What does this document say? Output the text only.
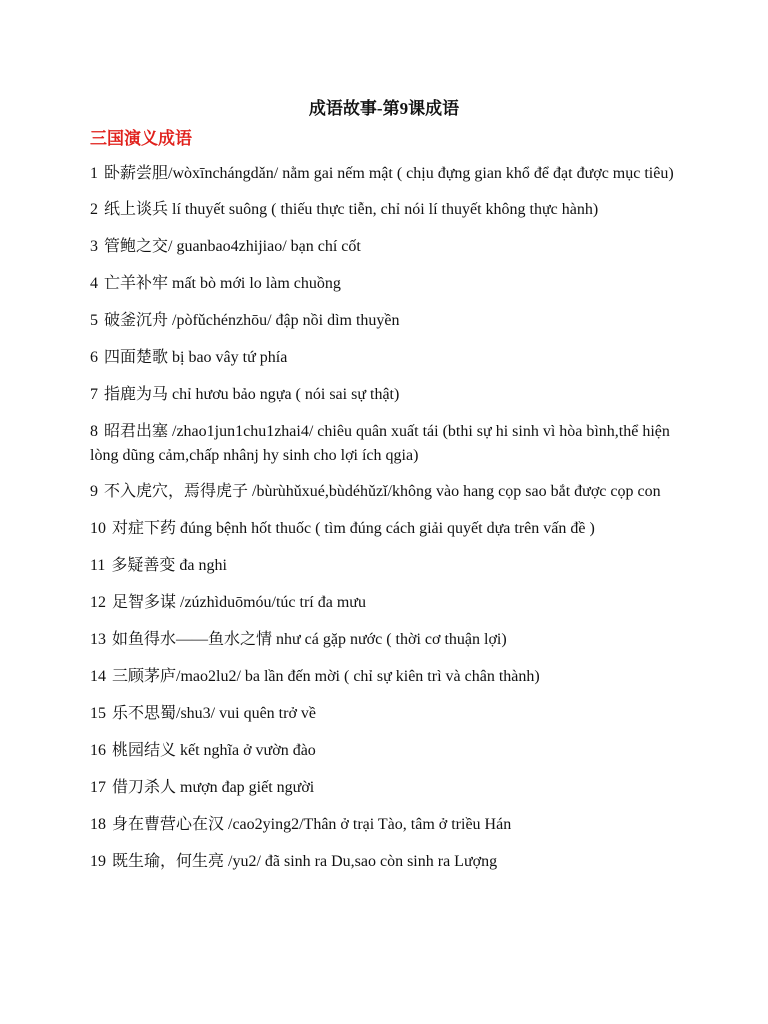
成语故事-第9课成语
三国演义成语
1 卧薪尝胆/wòxīnchángdǎn/ nằm gai nếm mật ( chịu đựng gian khổ để đạt được mục tiêu)
2 纸上谈兵 lí thuyết suông ( thiếu thực tiễn, chỉ nói lí thuyết không thực hành)
3 管鲍之交/ guanbao4zhijiao/ bạn chí cốt
4 亡羊补牢 mất bò mới lo làm chuồng
5 破釜沉舟 /pòfǔchénzhōu/ đập nồi dìm thuyền
6 四面楚歌 bị bao vây tứ phía
7 指鹿为马 chỉ hươu bảo ngựa ( nói sai sự thật)
8 昭君出塞 /zhao1jun1chu1zhai4/ chiêu quân xuất tái (bthi sự hi sinh vì hòa bình,thể hiện lòng dũng cảm,chấp nhânj hy sinh cho lợi ích qgia)
9 不入虎穴，焉得虎子 /bùrùhǔxué,bùdéhǔzǐ/không vào hang cọp sao bắt được cọp con
10 对症下药 đúng bệnh hốt thuốc ( tìm đúng cách giải quyết dựa trên vấn đề )
11 多疑善变 đa nghi
12 足智多谋 /zúzhìduōmóu/túc trí đa mưu
13 如鱼得水——鱼水之情 như cá gặp nước ( thời cơ thuận lợi)
14 三顾茅庐/mao2lu2/ ba lần đến mời ( chỉ sự kiên trì và chân thành)
15 乐不思蜀/shu3/ vui quên trở về
16 桃园结义 kết nghĩa ở vườn đào
17 借刀杀人 mượn đap giết người
18 身在曹营心在汉 /cao2ying2/Thân ở trại Tào, tâm ở triều Hán
19 既生瑜，何生亮 /yu2/ đã sinh ra Du,sao còn sinh ra Lượng
